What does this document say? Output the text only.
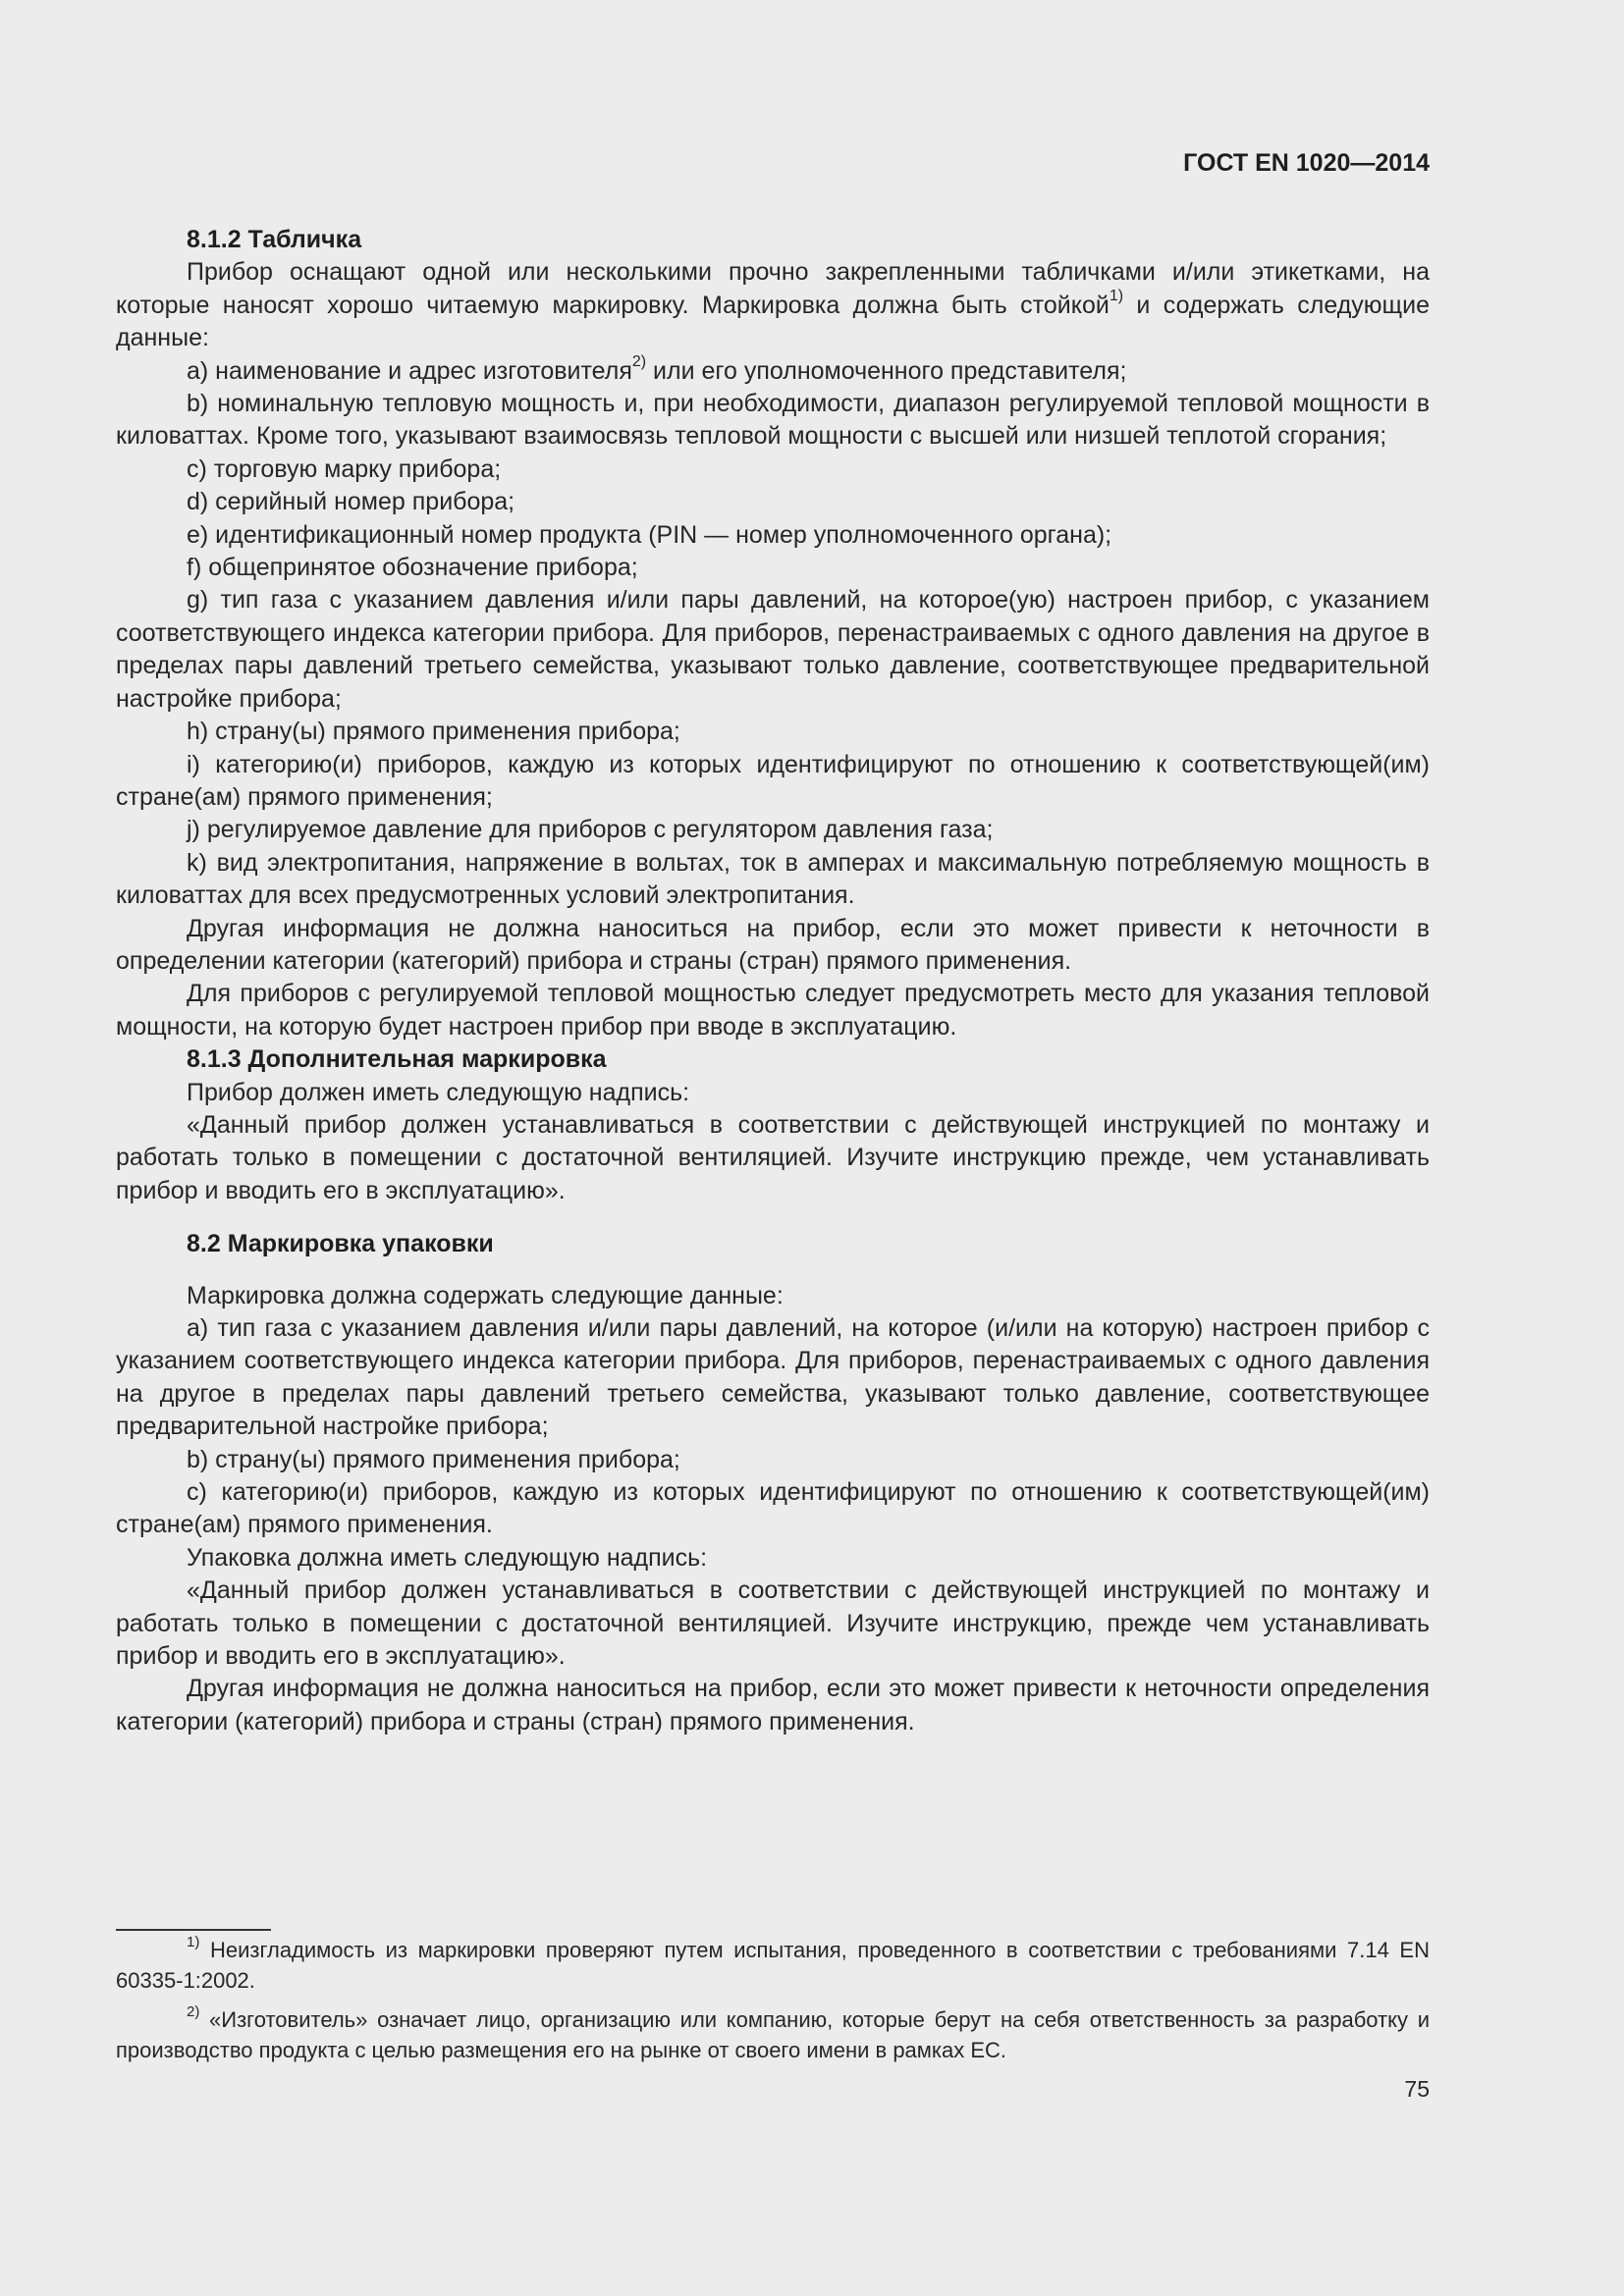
ГОСТ EN 1020—2014

8.1.2 Табличка

Прибор оснащают одной или несколькими прочно закрепленными табличками и/или этикетками, на которые наносят хорошо читаемую маркировку. Маркировка должна быть стойкой$^{1)}$ и содержать следующие данные:

а) наименование и адрес изготовителя$^{2)}$ или его уполномоченного представителя;

b) номинальную тепловую мощность и, при необходимости, диапазон регулируемой тепловой мощности в киловаттах. Кроме того, указывают взаимосвязь тепловой мощности с высшей или низшей теплотой сгорания;

с) торговую марку прибора;

d) серийный номер прибора;

е) идентификационный номер продукта (PIN — номер уполномоченного органа);

f) общепринятое обозначение прибора;

g) тип газа с указанием давления и/или пары давлений, на которое(ую) настроен прибор, с указанием соответствующего индекса категории прибора. Для приборов, перенастраиваемых с одного давления на другое в пределах пары давлений третьего семейства, указывают только давление, соответствующее предварительной настройке прибора;

h) страну(ы) прямого применения прибора;

i) категорию(и) приборов, каждую из которых идентифицируют по отношению к соответствующей(им) стране(ам) прямого применения;

j) регулируемое давление для приборов с регулятором давления газа;

k) вид электропитания, напряжение в вольтах, ток в амперах и максимальную потребляемую мощность в киловаттах для всех предусмотренных условий электропитания.

Другая информация не должна наноситься на прибор, если это может привести к неточности в определении категории (категорий) прибора и страны (стран) прямого применения.

Для приборов с регулируемой тепловой мощностью следует предусмотреть место для указания тепловой мощности, на которую будет настроен прибор при вводе в эксплуатацию.

8.1.3 Дополнительная маркировка

Прибор должен иметь следующую надпись:

«Данный прибор должен устанавливаться в соответствии с действующей инструкцией по монтажу и работать только в помещении с достаточной вентиляцией. Изучите инструкцию прежде, чем устанавливать прибор и вводить его в эксплуатацию».

8.2 Маркировка упаковки

Маркировка должна содержать следующие данные:

а) тип газа с указанием давления и/или пары давлений, на которое (и/или на которую) настроен прибор с указанием соответствующего индекса категории прибора. Для приборов, перенастраиваемых с одного давления на другое в пределах пары давлений третьего семейства, указывают только давление, соответствующее предварительной настройке прибора;

b) страну(ы) прямого применения прибора;

c) категорию(и) приборов, каждую из которых идентифицируют по отношению к соответствующей(им) стране(ам) прямого применения.

Упаковка должна иметь следующую надпись:

«Данный прибор должен устанавливаться в соответствии с действующей инструкцией по монтажу и работать только в помещении с достаточной вентиляцией. Изучите инструкцию, прежде чем устанавливать прибор и вводить его в эксплуатацию».

Другая информация не должна наноситься на прибор, если это может привести к неточности определения категории (категорий) прибора и страны (стран) прямого применения.

$^{1)}$ Неизгладимость из маркировки проверяют путем испытания, проведенного в соответствии с требованиями 7.14 EN 60335-1:2002.

$^{2)}$ «Изготовитель» означает лицо, организацию или компанию, которые берут на себя ответственность за разработку и производство продукта с целью размещения его на рынке от своего имени в рамках ЕС.

75
